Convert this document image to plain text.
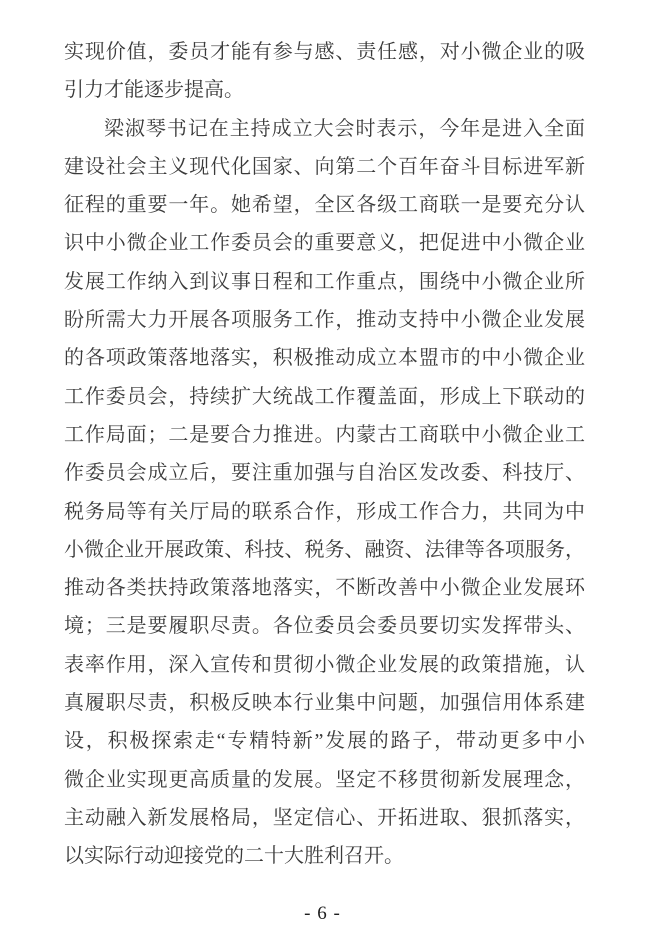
实现价值，委员才能有参与感、责任感，对小微企业的吸
引力才能逐步提高。
梁淑琴书记在主持成立大会时表示，今年是进入全面
建设社会主义现代化国家、向第二个百年奋斗目标进军新
征程的重要一年。她希望，全区各级工商联一是要充分认
识中小微企业工作委员会的重要意义，把促进中小微企业
发展工作纳入到议事日程和工作重点，围绕中小微企业所
盼所需大力开展各项服务工作，推动支持中小微企业发展
的各项政策落地落实，积极推动成立本盟市的中小微企业
工作委员会，持续扩大统战工作覆盖面，形成上下联动的
工作局面；二是要合力推进。内蒙古工商联中小微企业工
作委员会成立后，要注重加强与自治区发改委、科技厅、
税务局等有关厅局的联系合作，形成工作合力，共同为中
小微企业开展政策、科技、税务、融资、法律等各项服务，
推动各类扶持政策落地落实，不断改善中小微企业发展环
境；三是要履职尽责。各位委员会委员要切实发挥带头、
表率作用，深入宣传和贯彻小微企业发展的政策措施，认
真履职尽责，积极反映本行业集中问题，加强信用体系建
设，积极探索走“专精特新”发展的路子，带动更多中小
微企业实现更高质量的发展。坚定不移贯彻新发展理念，
主动融入新发展格局，坚定信心、开拓进取、狠抓落实，
以实际行动迎接党的二十大胜利召开。
- 6 -
